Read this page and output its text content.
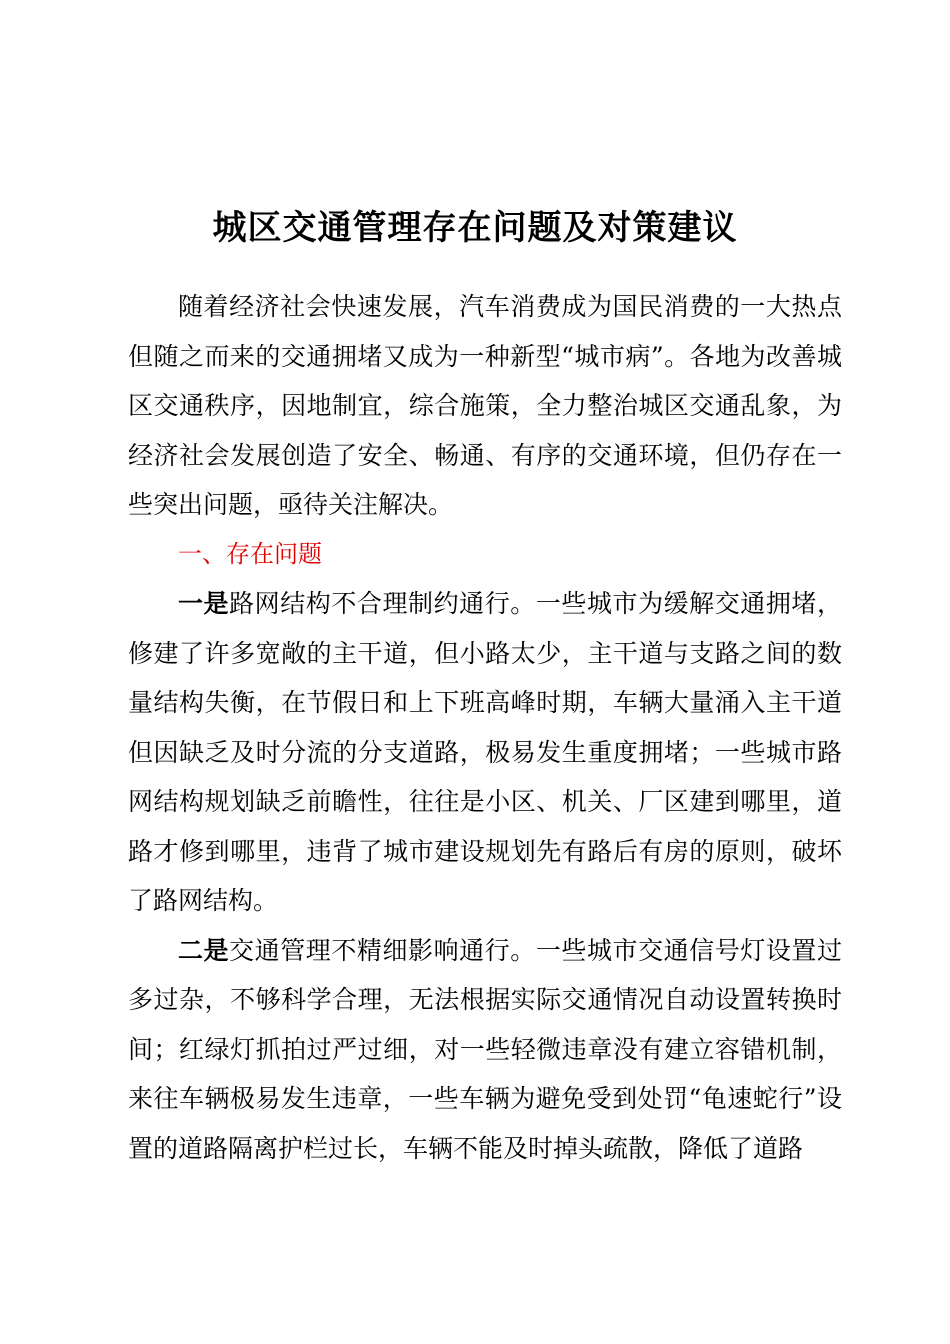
城区交通管理存在问题及对策建议

随着经济社会快速发展，汽车消费成为国民消费的一大热点但随之而来的交通拥堵又成为一种新型“城市病”。各地为改善城区交通秩序，因地制宜，综合施策，全力整治城区交通乱象，为经济社会发展创造了安全、畅通、有序的交通环境，但仍存在一些突出问题，亟待关注解决。

一、存在问题

一是路网结构不合理制约通行。一些城市为缓解交通拥堵，修建了许多宽敞的主干道，但小路太少，主干道与支路之间的数量结构失衡，在节假日和上下班高峰时期，车辆大量涌入主干道但因缺乏及时分流的分支道路，极易发生重度拥堵；一些城市路网结构规划缺乏前瞻性，往往是小区、机关、厂区建到哪里，道路才修到哪里，违背了城市建设规划先有路后有房的原则，破坏了路网结构。

二是交通管理不精细影响通行。一些城市交通信号灯设置过多过杂，不够科学合理，无法根据实际交通情况自动设置转换时间；红绿灯抓拍过严过细，对一些轻微违章没有建立容错机制，来往车辆极易发生违章，一些车辆为避免受到处罚“龟速蛇行”设置的道路隔离护栏过长，车辆不能及时掉头疏散，降低了道路
